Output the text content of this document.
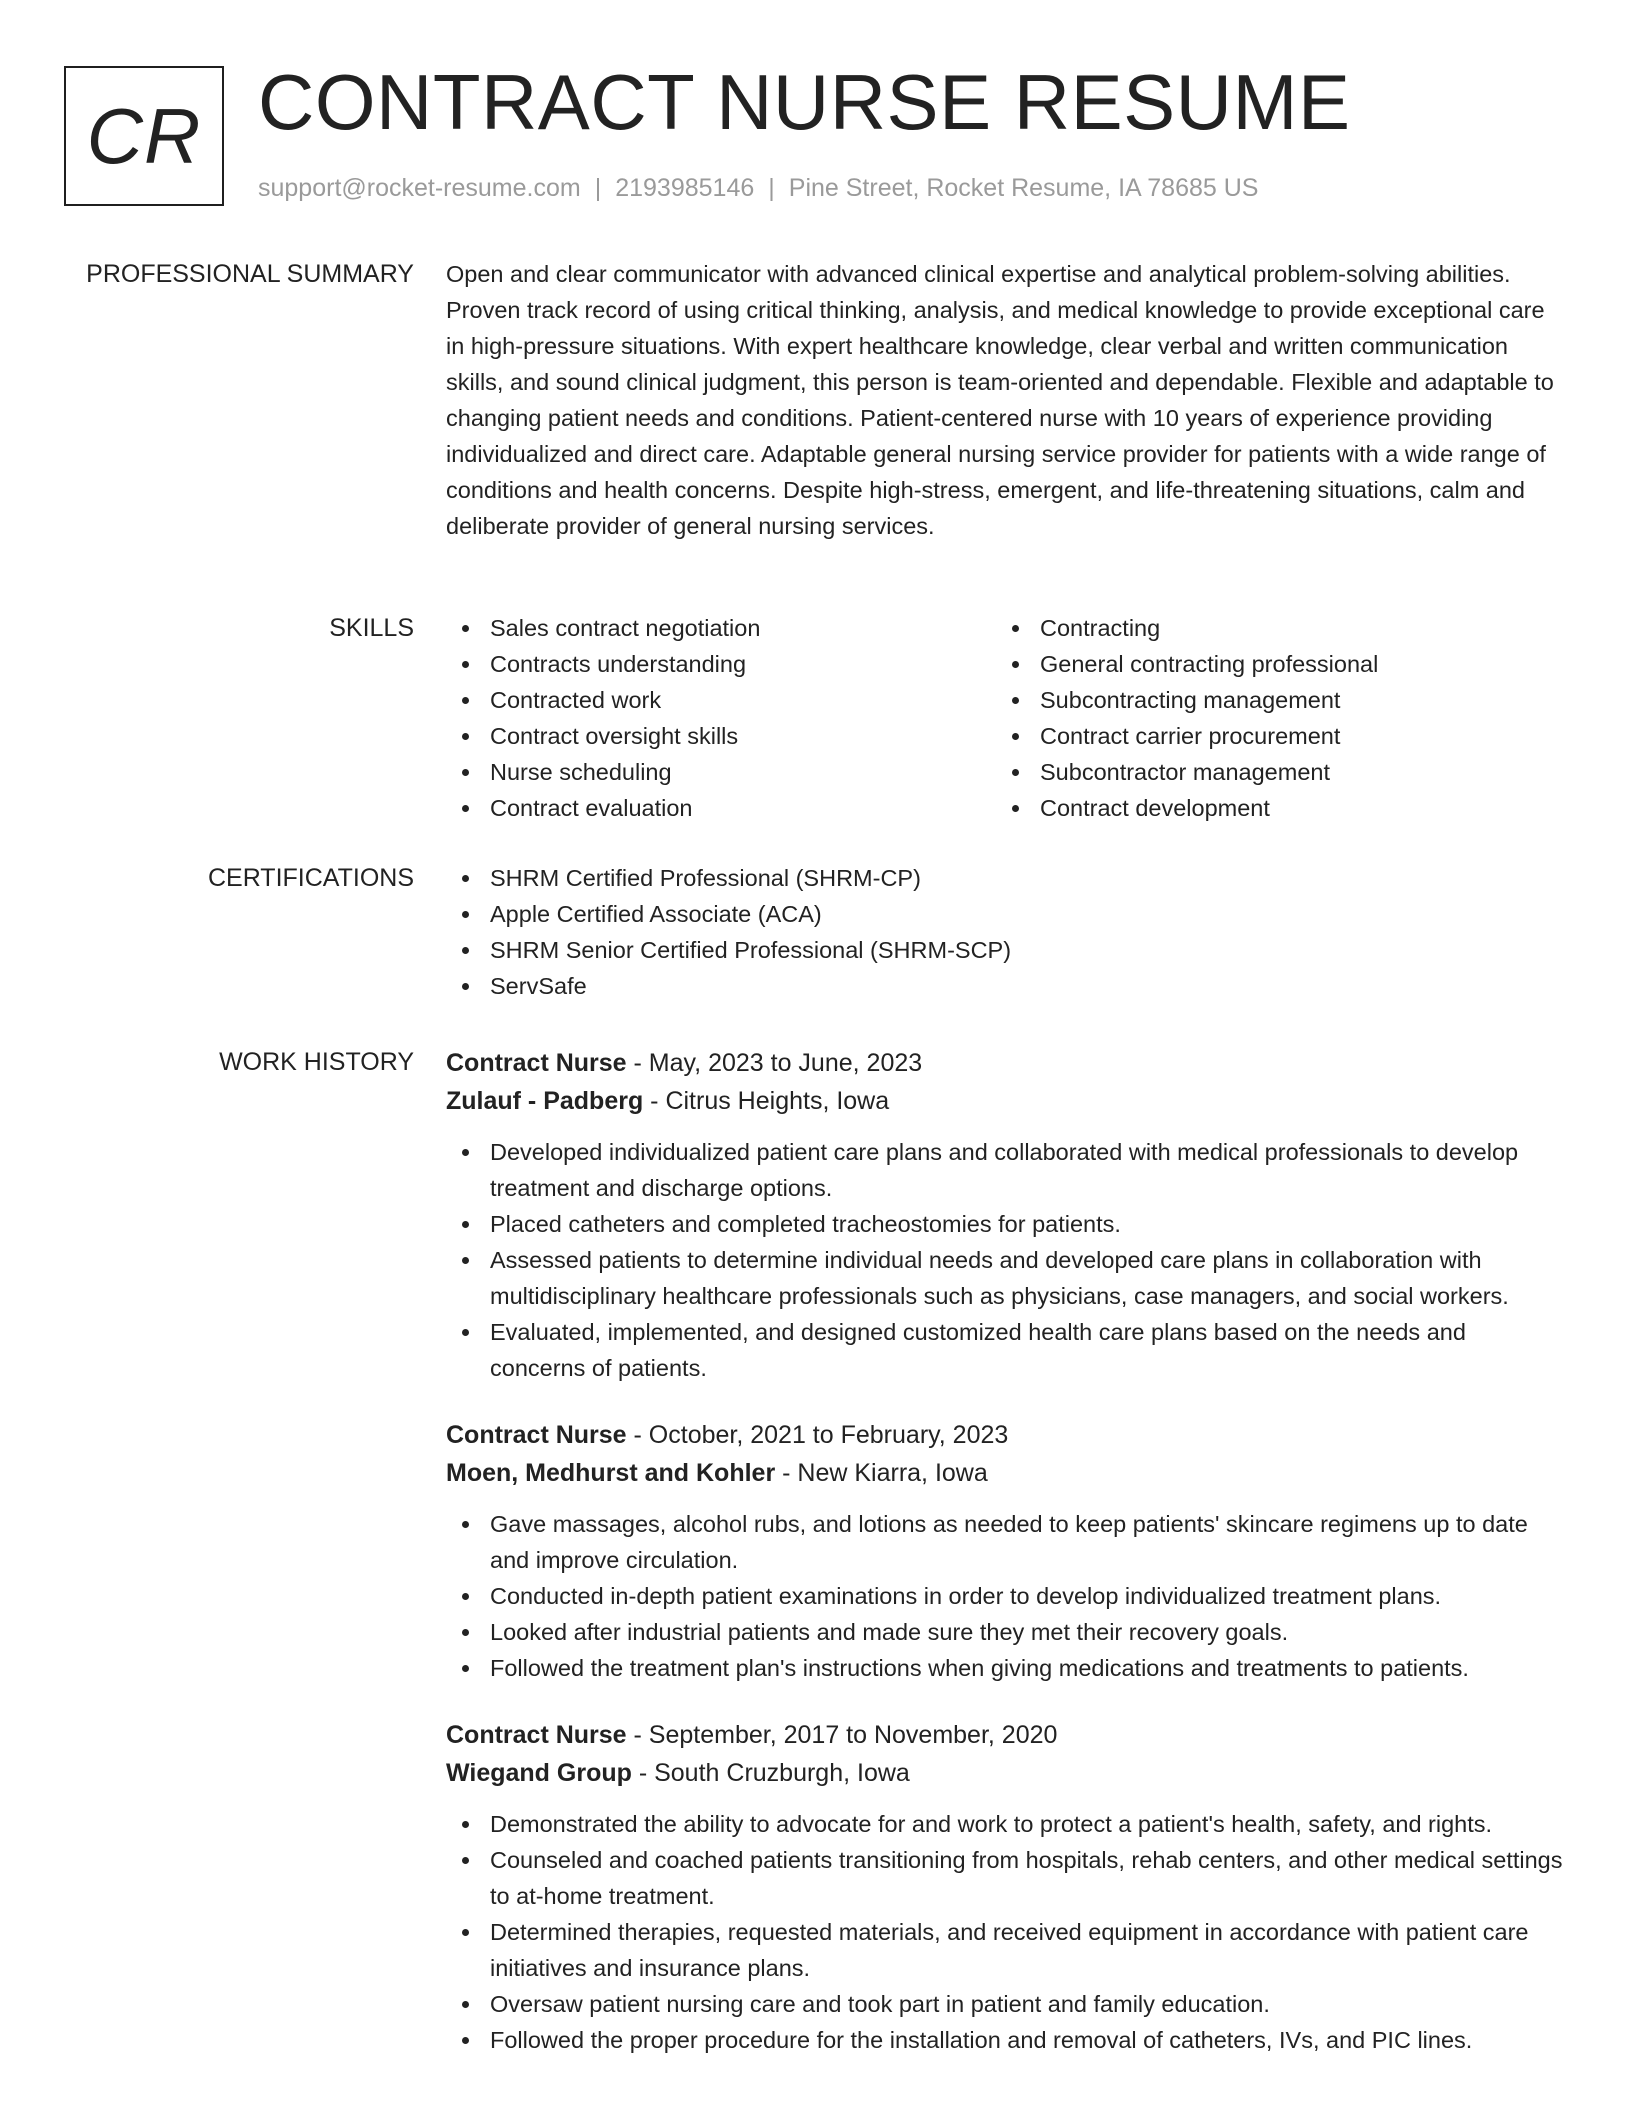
CR CONTRACT NURSE RESUME
support@rocket-resume.com | 2193985146 | Pine Street, Rocket Resume, IA 78685 US
PROFESSIONAL SUMMARY Open and clear communicator with advanced clinical expertise and analytical problem-solving abilities. Proven track record of using critical thinking, analysis, and medical knowledge to provide exceptional care in high-pressure situations. With expert healthcare knowledge, clear verbal and written communication skills, and sound clinical judgment, this person is team-oriented and dependable. Flexible and adaptable to changing patient needs and conditions. Patient-centered nurse with 10 years of experience providing individualized and direct care. Adaptable general nursing service provider for patients with a wide range of conditions and health concerns. Despite high-stress, emergent, and life-threatening situations, calm and deliberate provider of general nursing services.

SKILLS	Sales contract negotiation
Contracts understanding
Contracted work
Contract oversight skills
Nurse scheduling
Contract evaluation
Contracting
General contracting professional
Subcontracting management
Contract carrier procurement
Subcontractor management
Contract development
CERTIFICATIONS	SHRM Certified Professional (SHRM-CP)
Apple Certified Associate (ACA)
SHRM Senior Certified Professional (SHRM-SCP)
ServSafe
WORK HISTORY Contract Nurse - May, 2023 to June, 2023
Zulauf - Padberg - Citrus Heights, Iowa
Developed individualized patient care plans and collaborated with medical professionals to develop treatment and discharge options.
Placed catheters and completed tracheostomies for patients.
Assessed patients to determine individual needs and developed care plans in collaboration with multidisciplinary healthcare professionals such as physicians, case managers, and social workers.
Evaluated, implemented, and designed customized health care plans based on the needs and concerns of patients.
Contract Nurse - October, 2021 to February, 2023
Moen, Medhurst and Kohler - New Kiarra, Iowa
Gave massages, alcohol rubs, and lotions as needed to keep patients' skincare regimens up to date and improve circulation.
Conducted in-depth patient examinations in order to develop individualized treatment plans.
Looked after industrial patients and made sure they met their recovery goals.
Followed the treatment plan's instructions when giving medications and treatments to patients.
Contract Nurse - September, 2017 to November, 2020
Wiegand Group - South Cruzburgh, Iowa
Demonstrated the ability to advocate for and work to protect a patient's health, safety, and rights.
Counseled and coached patients transitioning from hospitals, rehab centers, and other medical settings to at-home treatment.
Determined therapies, requested materials, and received equipment in accordance with patient care initiatives and insurance plans.
Oversaw patient nursing care and took part in patient and family education.
Followed the proper procedure for the installation and removal of catheters, IVs, and PIC lines.
